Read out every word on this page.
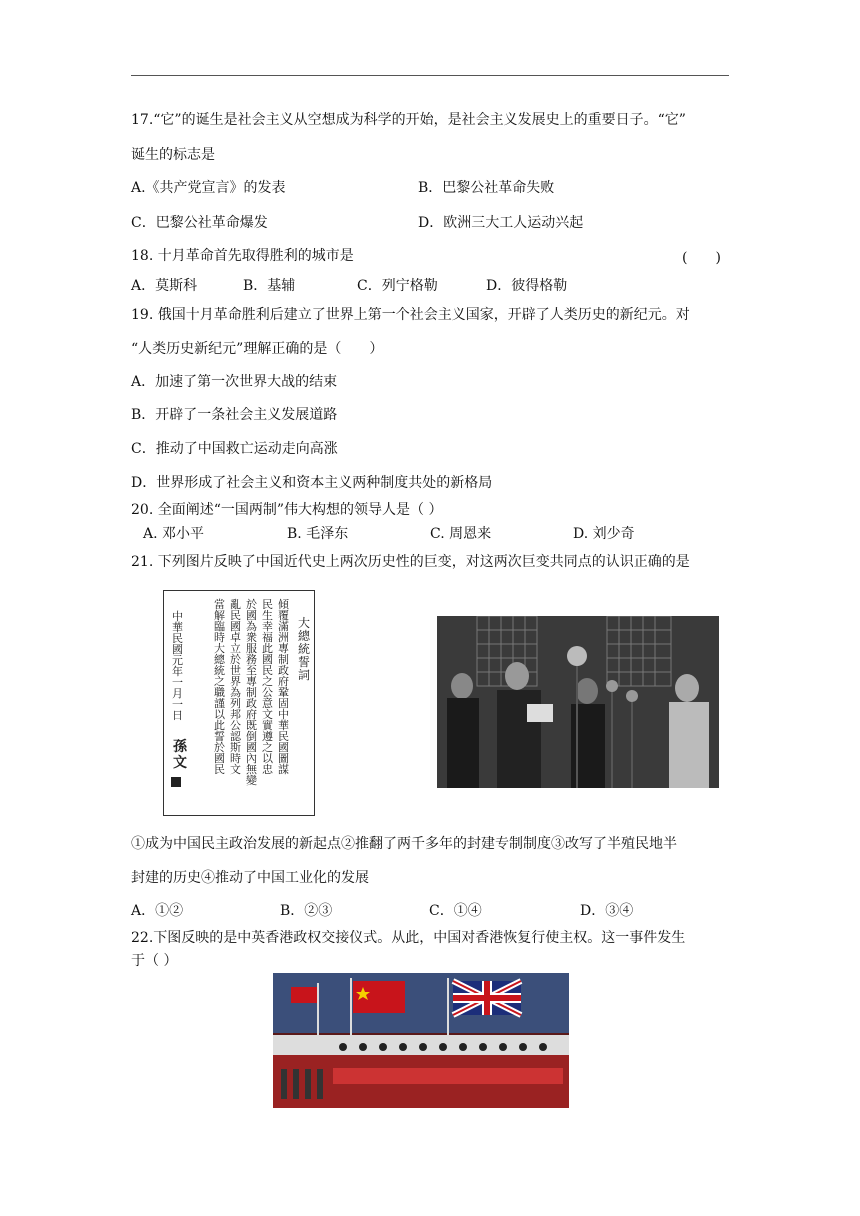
17.“它”的诞生是社会主义从空想成为科学的开始，是社会主义发展史上的重要日子。“它”
诞生的标志是
A.《共产党宣言》的发表	B．巴黎公社革命失败
C．巴黎公社革命爆发	D．欧洲三大工人运动兴起
18. 十月革命首先取得胜利的城市是	(　　)
A．莫斯科	B．基辅	C．列宁格勒	D．彼得格勒
19. 俄国十月革命胜利后建立了世界上第一个社会主义国家，开辟了人类历史的新纪元。对
“人类历史新纪元”理解正确的是（　　）
A．加速了第一次世界大战的结束
B．开辟了一条社会主义发展道路
C．推动了中国救亡运动走向高涨
D．世界形成了社会主义和资本主义两种制度共处的新格局
20. 全面阐述“一国两制”伟大构想的领导人是（ ）
A. 邓小平	B. 毛泽东	C. 周恩来	D. 刘少奇
21. 下列图片反映了中国近代史上两次历史性的巨变，对这两次巨变共同点的认识正确的是
大總統誓詞
傾覆滿洲專制政府鞏固中華民國圖謀
民生幸福此國民之公意文實遵之以忠
於國為衆服務至專制政府既倒國內無變
亂民國卓立於世界為列邦公認斯時文
當解臨時大總統之職謹以此誓於國民
中華民國元年一月一日
孫文
①成为中国民主政治发展的新起点②推翻了两千多年的封建专制制度③改写了半殖民地半
封建的历史④推动了中国工业化的发展
A．①②	B．②③	C．①④	D．③④
22.下图反映的是中英香港政权交接仪式。从此，中国对香港恢复行使主权。这一事件发生
于（ ）
